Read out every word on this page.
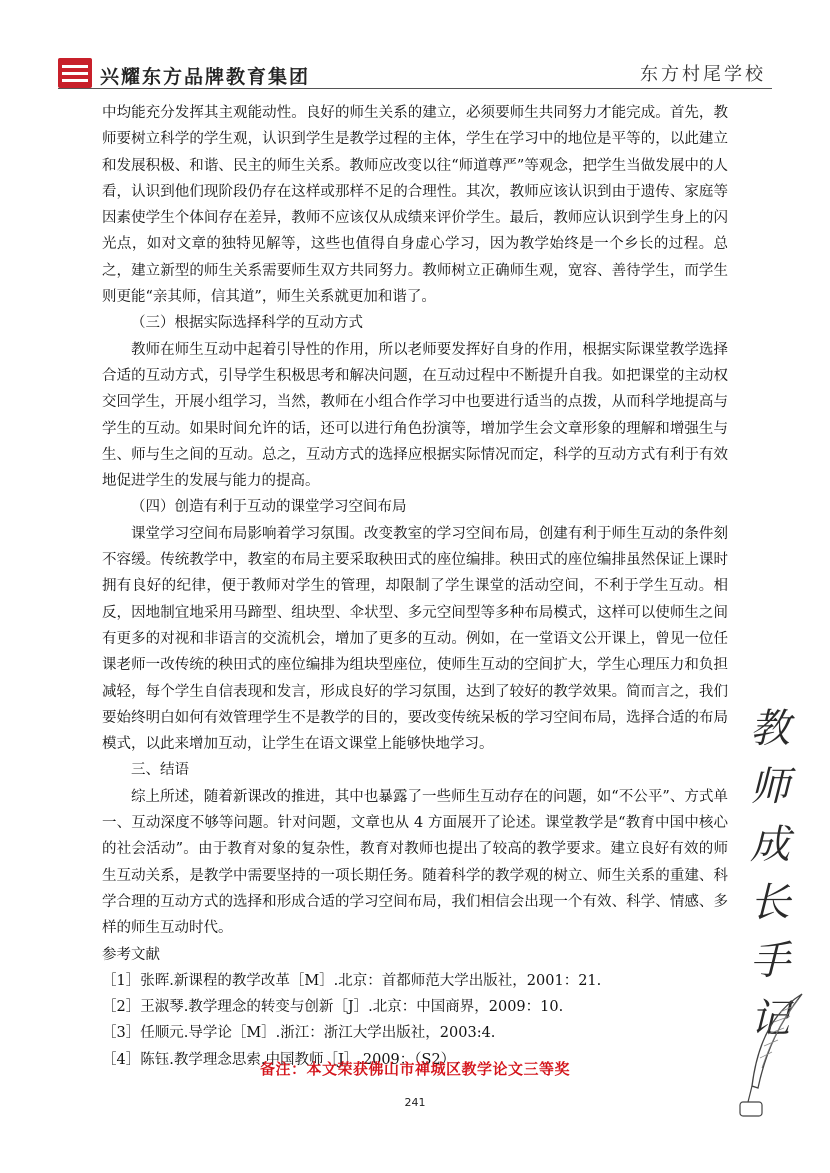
兴耀东方品牌教育集团	东方村尾学校

中均能充分发挥其主观能动性。良好的师生关系的建立，必须要师生共同努力才能完成。首先，教师要树立科学的学生观，认识到学生是教学过程的主体，学生在学习中的地位是平等的，以此建立和发展积极、和谐、民主的师生关系。教师应改变以往“师道尊严”等观念，把学生当做发展中的人看，认识到他们现阶段仍存在这样或那样不足的合理性。其次，教师应该认识到由于遗传、家庭等因素使学生个体间存在差异，教师不应该仅从成绩来评价学生。最后，教师应认识到学生身上的闪光点，如对文章的独特见解等，这些也值得自身虚心学习，因为教学始终是一个乡长的过程。总之，建立新型的师生关系需要师生双方共同努力。教师树立正确师生观，宽容、善待学生，而学生则更能“亲其师，信其道”，师生关系就更加和谐了。

（三）根据实际选择科学的互动方式

教师在师生互动中起着引导性的作用，所以老师要发挥好自身的作用，根据实际课堂教学选择合适的互动方式，引导学生积极思考和解决问题，在互动过程中不断提升自我。如把课堂的主动权交回学生，开展小组学习，当然，教师在小组合作学习中也要进行适当的点拨，从而科学地提高与学生的互动。如果时间允许的话，还可以进行角色扮演等，增加学生会文章形象的理解和增强生与生、师与生之间的互动。总之，互动方式的选择应根据实际情况而定，科学的互动方式有利于有效地促进学生的发展与能力的提高。

（四）创造有利于互动的课堂学习空间布局

课堂学习空间布局影响着学习氛围。改变教室的学习空间布局，创建有利于师生互动的条件刻不容缓。传统教学中，教室的布局主要采取秧田式的座位编排。秧田式的座位编排虽然保证上课时拥有良好的纪律，便于教师对学生的管理，却限制了学生课堂的活动空间，不利于学生互动。相反，因地制宜地采用马蹄型、组块型、伞状型、多元空间型等多种布局模式，这样可以使师生之间有更多的对视和非语言的交流机会，增加了更多的互动。例如，在一堂语文公开课上，曾见一位任课老师一改传统的秧田式的座位编排为组块型座位，使师生互动的空间扩大，学生心理压力和负担减轻，每个学生自信表现和发言，形成良好的学习氛围，达到了较好的教学效果。简而言之，我们要始终明白如何有效管理学生不是教学的目的，要改变传统呆板的学习空间布局，选择合适的布局模式，以此来增加互动，让学生在语文课堂上能够快地学习。

三、结语

综上所述，随着新课改的推进，其中也暴露了一些师生互动存在的问题，如“不公平”、方式单一、互动深度不够等问题。针对问题，文章也从 4 方面展开了论述。课堂教学是“教育中国中核心的社会活动”。由于教育对象的复杂性，教育对教师也提出了较高的教学要求。建立良好有效的师生互动关系，是教学中需要坚持的一项长期任务。随着科学的教学观的树立、师生关系的重建、科学合理的互动方式的选择和形成合适的学习空间布局，我们相信会出现一个有效、科学、情感、多样的师生互动时代。

参考文献

［1］张晖.新课程的教学改革［M］.北京：首都师范大学出版社，2001：21.

［2］王淑琴.教学理念的转变与创新［J］.北京：中国商界，2009：10.

［3］任顺元.导学论［M］.浙江：浙江大学出版社，2003:4.

［4］陈钰.教学理念思索.中国教师［J］.2009：（S2）.

备注：本文荣获佛山市禅城区教学论文三等奖
241
教
师
成
长
手
记
